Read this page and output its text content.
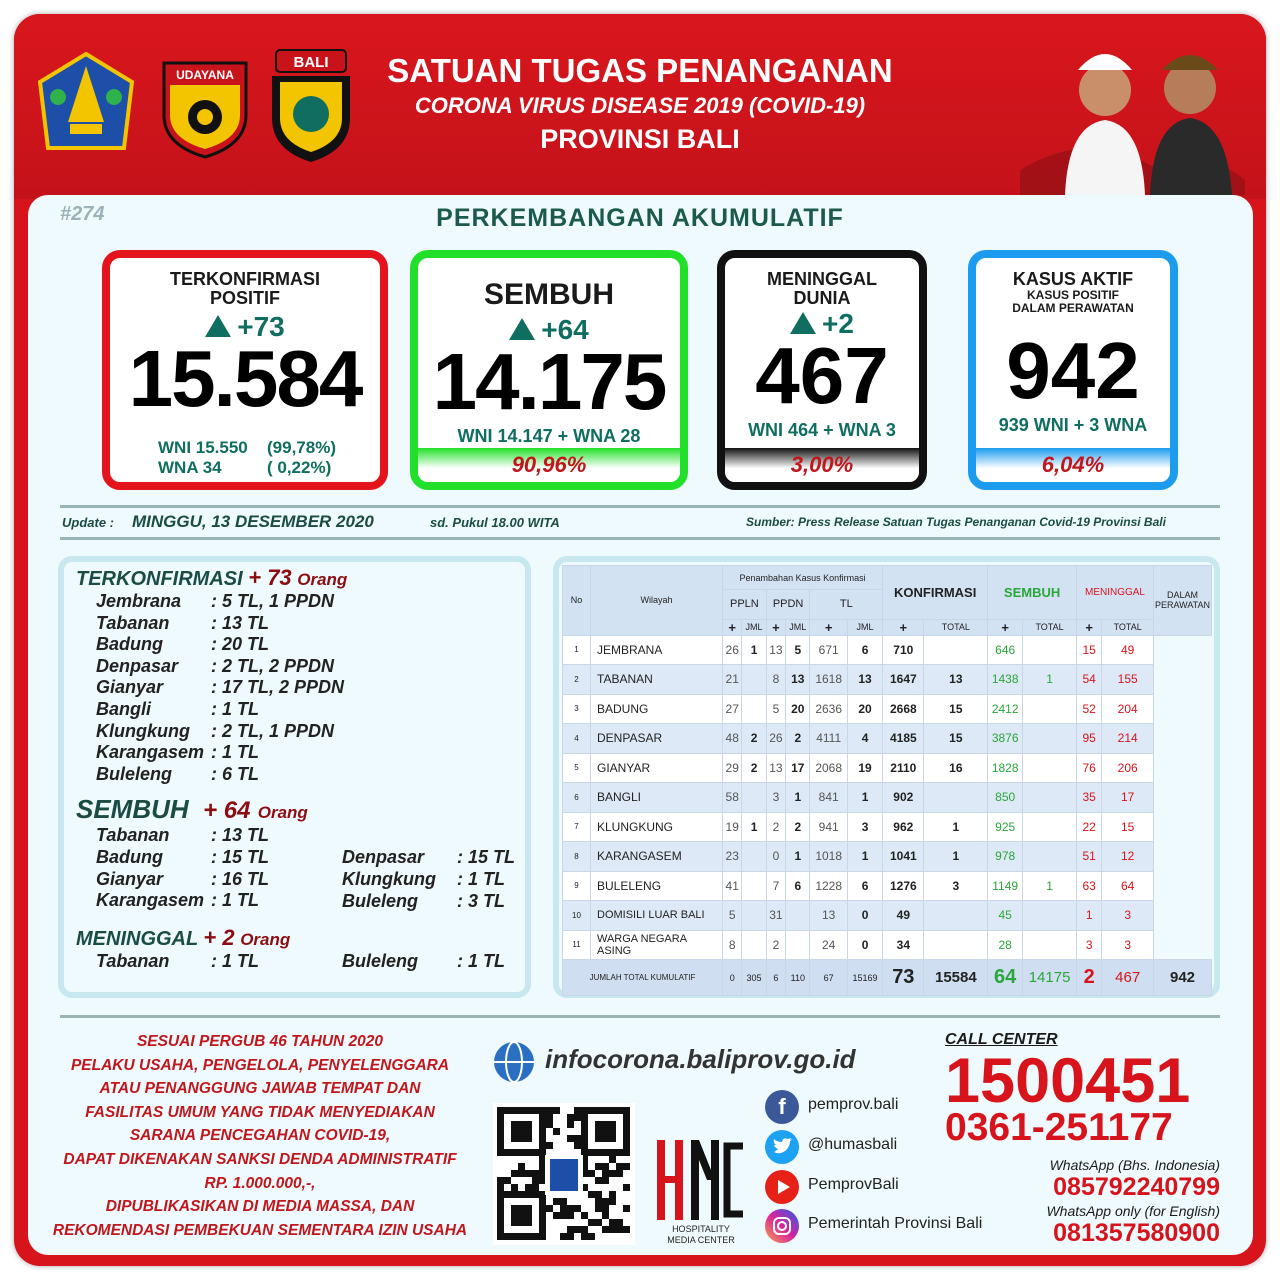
UDAYANA
BALI	SATUAN TUGAS PENANGANAN
CORONA VIRUS DISEASE 2019 (COVID-19)
PROVINSI BALI
#274	PERKEMBANGAN AKUMULATIF
TERKONFIRMASI
POSITIF
+73
15.584
WNI 15.550 (99,78%)
WNA 34	( 0,22%)
SEMBUH
+64
14.175
WNI 14.147 + WNA 28
90,96%
MENINGGAL
DUNIA
+2
467
WNI 464 + WNA 3
3,00%
KASUS AKTIF
KASUS POSITIF
DALAM PERAWATAN
942
939 WNI + 3 WNA
6,04%
Update : MINGGU, 13 DESEMBER 2020	sd. Pukul 18.00 WITA	Sumber: Press Release Satuan Tugas Penanganan Covid-19 Provinsi Bali
TERKONFIRMASI + 73 Orang
SEMBUH + 64 Orang
MENINGGAL + 2 Orang
No	Wilayah	Penambahan Kasus Konfirmasi						KONFIRMASI		SEMBUH		MENINGGAL		DALAM
PERAWATAN
		PPLN		PPDN		TL								
		+	JML	+	JML	+	JML	+	TOTAL	+	TOTAL	+	TOTAL	
1	JEMBRANA	26	1	13	5	671	6	710		646		15	49	
2	TABANAN	21		8	13	1618	13	1647	13	1438	1	54	155	
3	BADUNG	27		5	20	2636	20	2668	15	2412		52	204	
4	DENPASAR	48	2	26	2	4111	4	4185	15	3876		95	214	
5	GIANYAR	29	2	13	17	2068	19	2110	16	1828		76	206	
6	BANGLI	58		3	1	841	1	902		850		35	17	
7	KLUNGKUNG	19	1	2	2	941	3	962	1	925		22	15	
8	KARANGASEM	23		0	1	1018	1	1041	1	978		51	12	
9	BULELENG	41		7	6	1228	6	1276	3	1149	1	63	64	
10	DOMISILI LUAR BALI	5		31		13	0	49		45		1	3	
11	WARGA NEGARA ASING	8		2		24	0	34		28		3	3	
JUMLAH TOTAL KUMULATIF		0	305	6	110	67	15169	73	15584	64	14175	2	467	942
SESUAI PERGUB 46 TAHUN 2020
PELAKU USAHA, PENGELOLA, PENYELENGGARA
ATAU PENANGGUNG JAWAB TEMPAT DAN
FASILITAS UMUM YANG TIDAK MENYEDIAKAN
SARANA PENCEGAHAN COVID-19,
DAPAT DIKENAKAN SANKSI DENDA ADMINISTRATIF
RP. 1.000.000,-,
DIPUBLIKASIKAN DI MEDIA MASSA, DAN
REKOMENDASI PEMBEKUAN SEMENTARA IZIN USAHA
infocorona.baliprov.go.id
HOSPITALITY
MEDIA CENTER
f	pemprov.bali
@humasbali
PemprovBali
Pemerintah Provinsi Bali
CALL CENTER
1500451
0361-251177
WhatsApp (Bhs. Indonesia)
085792240799
WhatsApp only (for English)
081357580900
Jembrana : 5 TL, 1 PPDN
Tabanan : 13 TL
Badung	: 20 TL
Denpasar : 2 TL, 2 PPDN
Gianyar	: 17 TL, 2 PPDN
Bangli	: 1 TL
Klungkung : 2 TL, 1 PPDN
Karangasem : 1 TL
Buleleng : 6 TL
Tabanan : 13 TL
Badung	: 15 TL
Gianyar	: 16 TL
Karangasem : 1 TL
Denpasar : 15 TL
Klungkung : 1 TL
Buleleng : 3 TL
Tabanan : 1 TL	Buleleng : 1 TL
